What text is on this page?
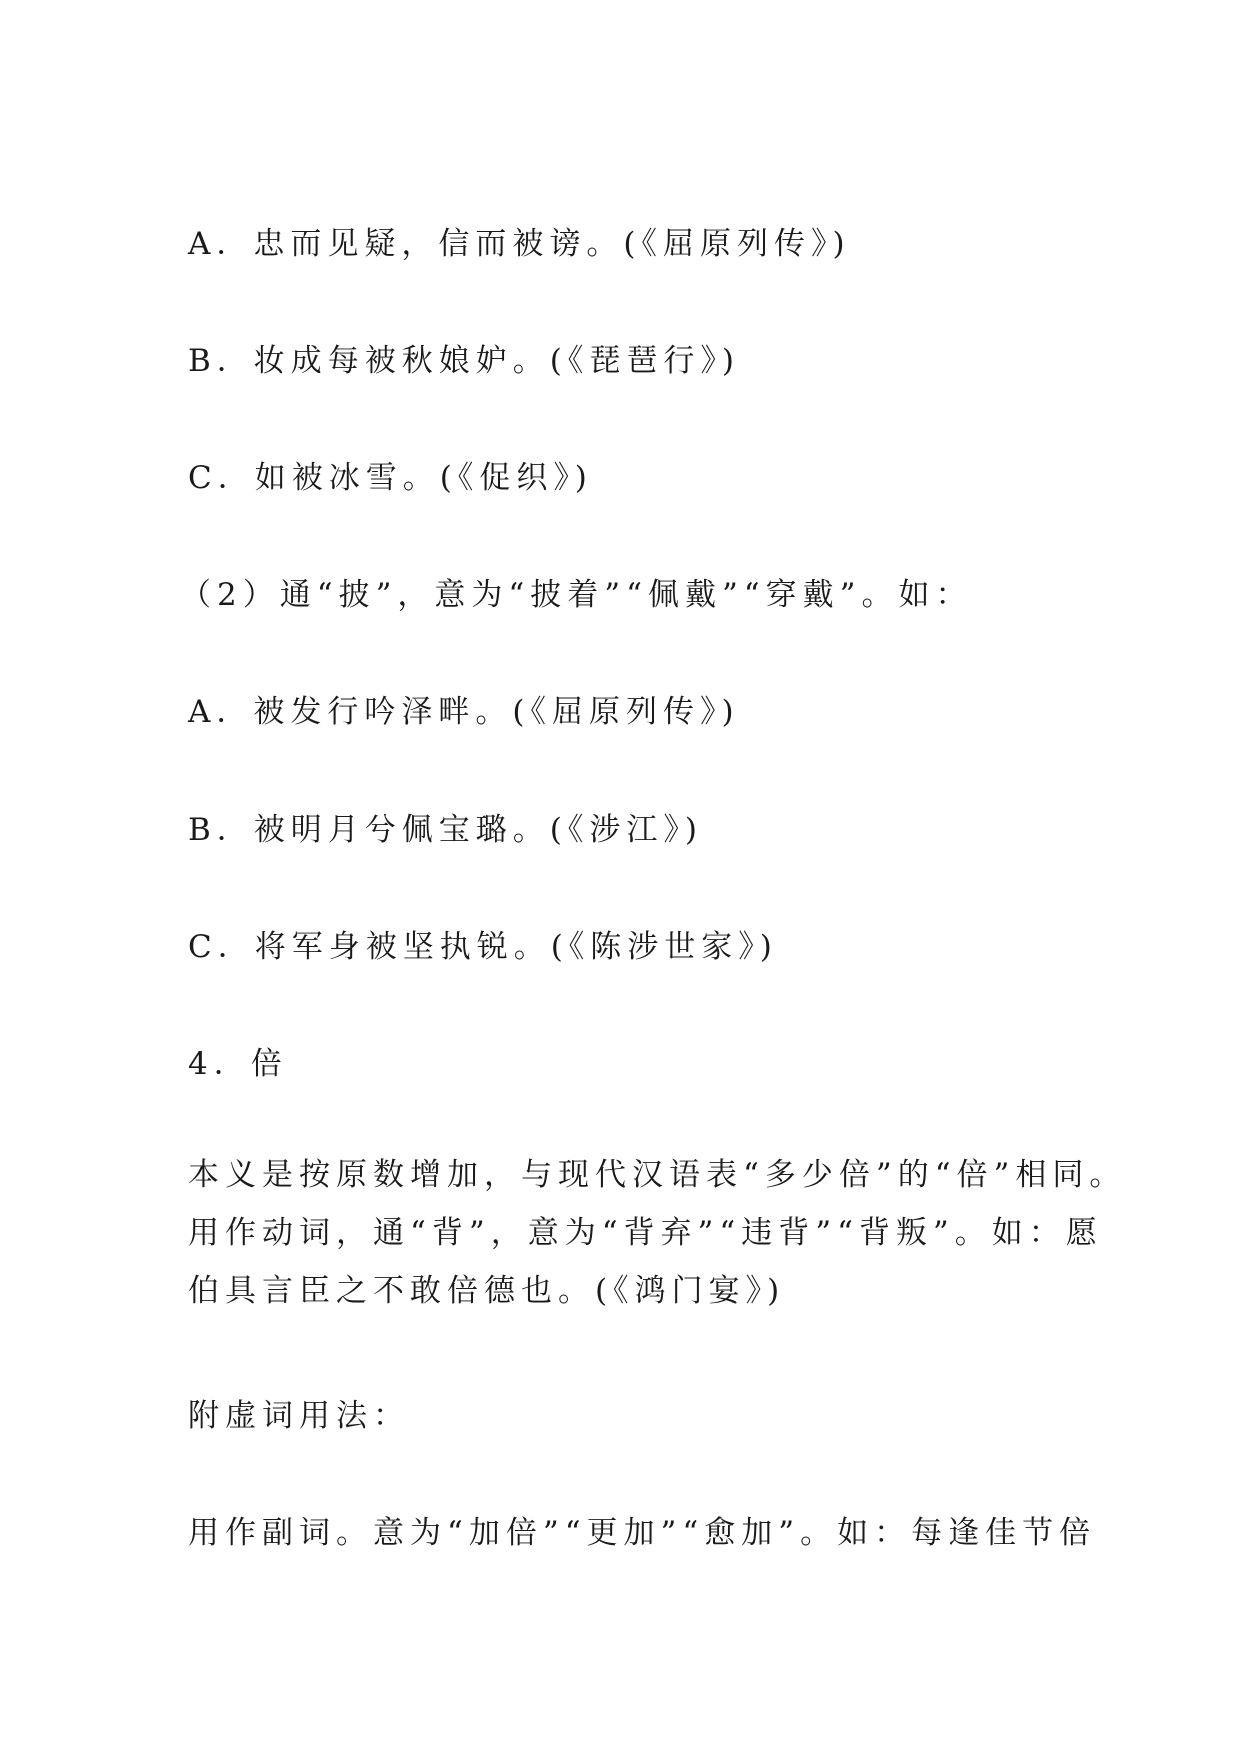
A．忠而见疑，信而被谤。(《屈原列传》)
B．妆成每被秋娘妒。(《琵琶行》)
C．如被冰雪。(《促织》)
（2）通“披”，意为“披着”“佩戴”“穿戴”。如：
A．被发行吟泽畔。(《屈原列传》)
B．被明月兮佩宝璐。(《涉江》)
C．将军身被坚执锐。(《陈涉世家》)
4．倍
本义是按原数增加，与现代汉语表“多少倍”的“倍”相同。
用作动词，通“背”，意为“背弃”“违背”“背叛”。如：愿
伯具言臣之不敢倍德也。(《鸿门宴》)
附虚词用法：
用作副词。意为“加倍”“更加”“愈加”。如：每逢佳节倍
